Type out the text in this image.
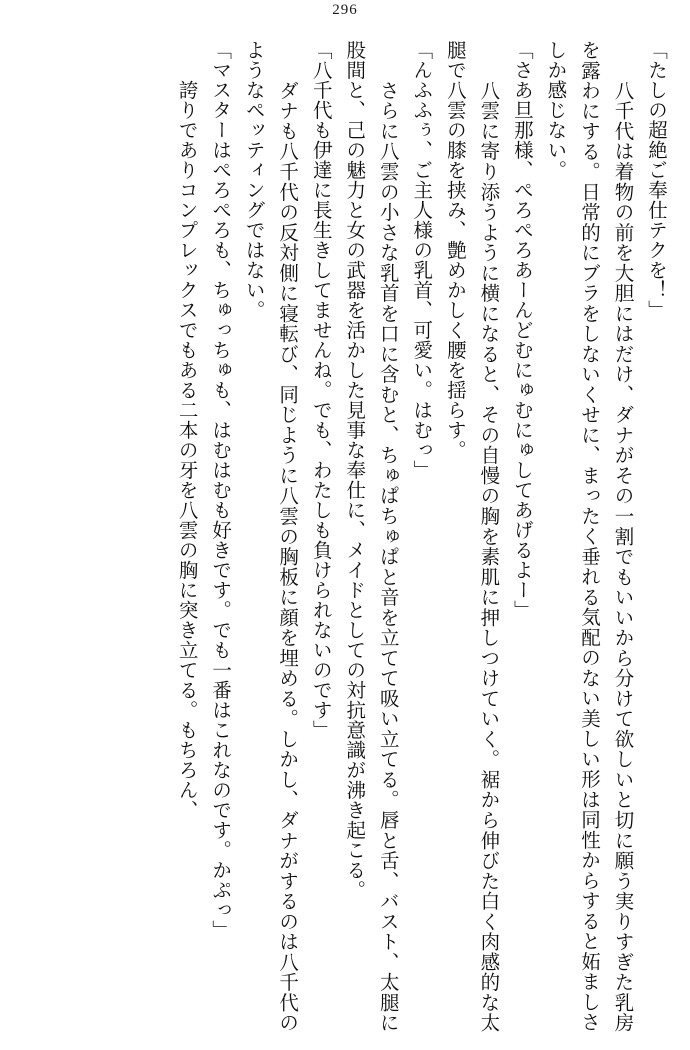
296

「たしの超絶ご奉仕テクを！」

　八千代は着物の前を大胆にはだけ、ダナがその一割でもいいから分けて欲しいと切に願う実りすぎた乳房を露わにする。日常的にブラをしないくせに、まったく垂れる気配のない美しい形は同性からすると妬ましさしか感じない。

「さあ旦那様、ぺろぺろあーんどむにゅむにゅしてあげるよー」

　八雲に寄り添うように横になると、その自慢の胸を素肌に押しつけていく。裾から伸びた白く肉感的な太腿で八雲の膝を挟み、艶めかしく腰を揺らす。

「んふふぅ、ご主人様の乳首、可愛い。はむっ」

　さらに八雲の小さな乳首を口に含むと、ちゅぱちゅぱと音を立てて吸い立てる。唇と舌、バスト、太腿に股間と、己の魅力と女の武器を活かした見事な奉仕に、メイドとしての対抗意識が沸き起こる。

「八千代も伊達に長生きしてませんね。でも、わたしも負けられないのです」

　ダナも八千代の反対側に寝転び、同じように八雲の胸板に顔を埋める。しかし、ダナがするのは八千代のようなペッティングではない。

「マスターはぺろぺろも、ちゅっちゅも、はむはむも好きです。でも一番はこれなのです。かぷっ」

　誇りでありコンプレックスでもある二本の牙を八雲の胸に突き立てる。もちろん、
